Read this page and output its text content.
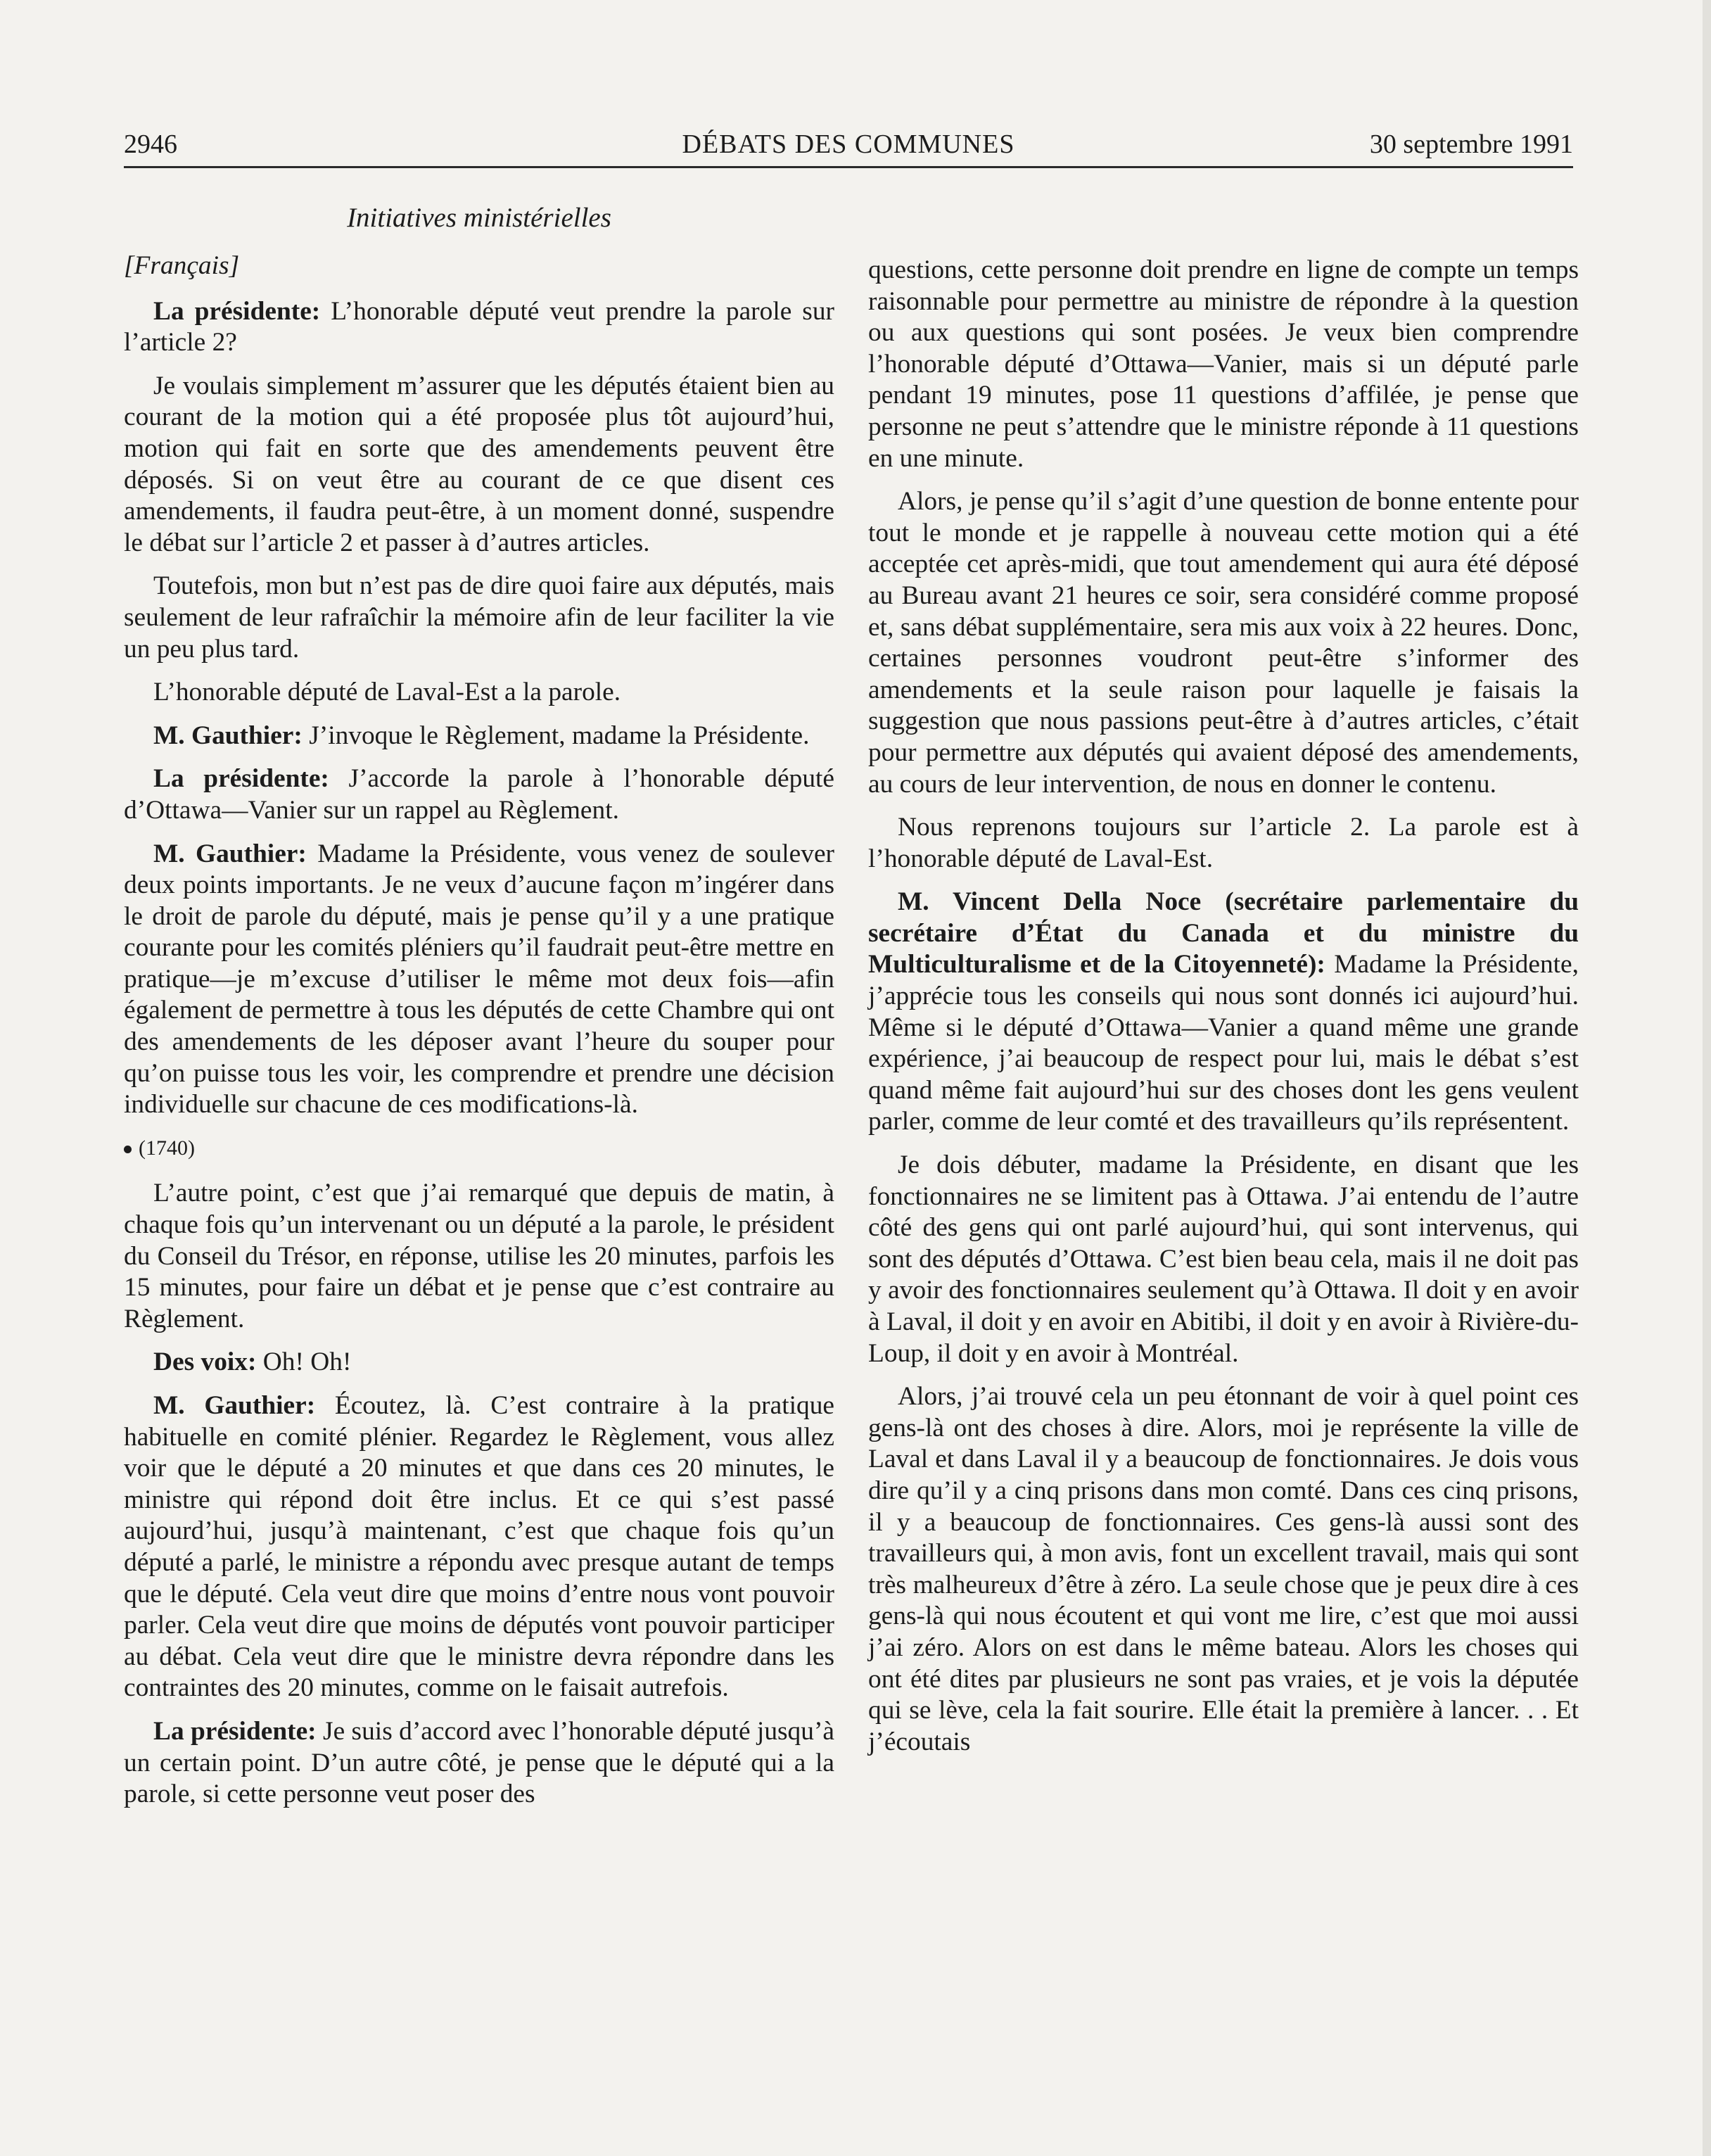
2946	DÉBATS DES COMMUNES	30 septembre 1991
Initiatives ministérielles

[Français]

La présidente: L’honorable député veut prendre la parole sur l’article 2?

Je voulais simplement m’assurer que les députés étaient bien au courant de la motion qui a été proposée plus tôt aujourd’hui, motion qui fait en sorte que des amendements peuvent être déposés. Si on veut être au courant de ce que disent ces amendements, il faudra peut-être, à un moment donné, suspendre le débat sur l’article 2 et passer à d’autres articles.

Toutefois, mon but n’est pas de dire quoi faire aux députés, mais seulement de leur rafraîchir la mémoire afin de leur faciliter la vie un peu plus tard.

L’honorable député de Laval-Est a la parole.

M. Gauthier: J’invoque le Règlement, madame la Présidente.

La présidente: J’accorde la parole à l’honorable député d’Ottawa—Vanier sur un rappel au Règlement.

M. Gauthier: Madame la Présidente, vous venez de soulever deux points importants. Je ne veux d’aucune façon m’ingérer dans le droit de parole du député, mais je pense qu’il y a une pratique courante pour les comités pléniers qu’il faudrait peut-être mettre en pratique—je m’excuse d’utiliser le même mot deux fois—afin également de permettre à tous les députés de cette Chambre qui ont des amendements de les déposer avant l’heure du souper pour qu’on puisse tous les voir, les comprendre et prendre une décision individuelle sur chacune de ces modifications-là.

(1740)

L’autre point, c’est que j’ai remarqué que depuis de matin, à chaque fois qu’un intervenant ou un député a la parole, le président du Conseil du Trésor, en réponse, utilise les 20 minutes, parfois les 15 minutes, pour faire un débat et je pense que c’est contraire au Règlement.

Des voix: Oh! Oh!

M. Gauthier: Écoutez, là. C’est contraire à la pratique habituelle en comité plénier. Regardez le Règlement, vous allez voir que le député a 20 minutes et que dans ces 20 minutes, le ministre qui répond doit être inclus. Et ce qui s’est passé aujourd’hui, jusqu’à maintenant, c’est que chaque fois qu’un député a parlé, le ministre a répondu avec presque autant de temps que le député. Cela veut dire que moins d’entre nous vont pouvoir parler. Cela veut dire que moins de députés vont pouvoir participer au débat. Cela veut dire que le ministre devra répondre dans les contraintes des 20 minutes, comme on le faisait autrefois.

La présidente: Je suis d’accord avec l’honorable député jusqu’à un certain point. D’un autre côté, je pense que le député qui a la parole, si cette personne veut poser des

questions, cette personne doit prendre en ligne de compte un temps raisonnable pour permettre au ministre de répondre à la question ou aux questions qui sont posées. Je veux bien comprendre l’honorable député d’Ottawa—Vanier, mais si un député parle pendant 19 minutes, pose 11 questions d’affilée, je pense que personne ne peut s’attendre que le ministre réponde à 11 questions en une minute.

Alors, je pense qu’il s’agit d’une question de bonne entente pour tout le monde et je rappelle à nouveau cette motion qui a été acceptée cet après-midi, que tout amendement qui aura été déposé au Bureau avant 21 heures ce soir, sera considéré comme proposé et, sans débat supplémentaire, sera mis aux voix à 22 heures. Donc, certaines personnes voudront peut-être s’informer des amendements et la seule raison pour laquelle je faisais la suggestion que nous passions peut-être à d’autres articles, c’était pour permettre aux députés qui avaient déposé des amendements, au cours de leur intervention, de nous en donner le contenu.

Nous reprenons toujours sur l’article 2. La parole est à l’honorable député de Laval-Est.

M. Vincent Della Noce (secrétaire parlementaire du secrétaire d’État du Canada et du ministre du Multiculturalisme et de la Citoyenneté): Madame la Présidente, j’apprécie tous les conseils qui nous sont donnés ici aujourd’hui. Même si le député d’Ottawa—Vanier a quand même une grande expérience, j’ai beaucoup de respect pour lui, mais le débat s’est quand même fait aujourd’hui sur des choses dont les gens veulent parler, comme de leur comté et des travailleurs qu’ils représentent.

Je dois débuter, madame la Présidente, en disant que les fonctionnaires ne se limitent pas à Ottawa. J’ai entendu de l’autre côté des gens qui ont parlé aujourd’hui, qui sont intervenus, qui sont des députés d’Ottawa. C’est bien beau cela, mais il ne doit pas y avoir des fonctionnaires seulement qu’à Ottawa. Il doit y en avoir à Laval, il doit y en avoir en Abitibi, il doit y en avoir à Rivière-du-Loup, il doit y en avoir à Montréal.

Alors, j’ai trouvé cela un peu étonnant de voir à quel point ces gens-là ont des choses à dire. Alors, moi je représente la ville de Laval et dans Laval il y a beaucoup de fonctionnaires. Je dois vous dire qu’il y a cinq prisons dans mon comté. Dans ces cinq prisons, il y a beaucoup de fonctionnaires. Ces gens-là aussi sont des travailleurs qui, à mon avis, font un excellent travail, mais qui sont très malheureux d’être à zéro. La seule chose que je peux dire à ces gens-là qui nous écoutent et qui vont me lire, c’est que moi aussi j’ai zéro. Alors on est dans le même bateau. Alors les choses qui ont été dites par plusieurs ne sont pas vraies, et je vois la députée qui se lève, cela la fait sourire. Elle était la première à lancer. . . Et j’écoutais
